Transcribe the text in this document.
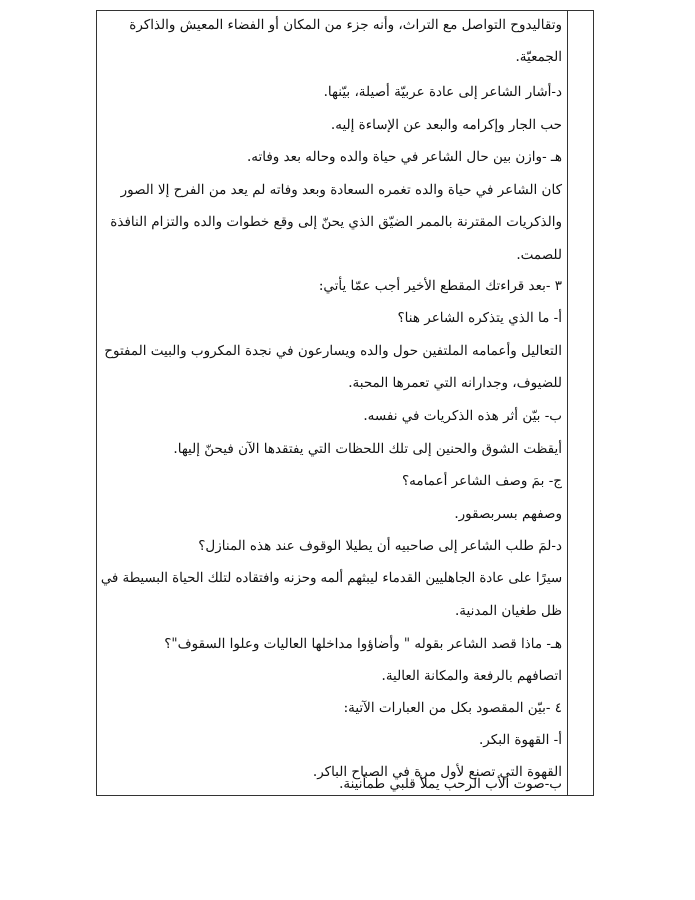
وتقاليدوح التواصل مع التراث، وأنه جزء من المكان أو الفضاء المعيش والذاكرة
الجمعيّة.
د-أشار الشاعر إلى عادة عربيّة أصيلة، بيّنها.
حب الجار وإكرامه والبعد عن الإساءة إليه.
هـ -وازن بين حال الشاعر في حياة والده وحاله بعد وفاته.
كان الشاعر في حياة والده تغمره السعادة وبعد وفاته لم يعد من الفرح إلا الصور
والذكريات المقترنة بالممر الضيّق الذي يحنّ إلى وقع خطوات والده والتزام النافذة
للصمت.
٣ -بعد قراءتك المقطع الأخير أجب عمّا يأتي:
أ- ما الذي يتذكره الشاعر هنا؟
التعاليل وأعمامه الملتفين حول والده ويسارعون في نجدة المكروب والبيت المفتوح
للضيوف، وجدارانه التي تعمرها المحبة.
ب- بيّن أثر هذه الذكريات في نفسه.
أيقظت الشوق والحنين إلى تلك اللحظات التي يفتقدها الآن فيحنّ إليها.
ج- بمَ وصف الشاعر أعمامه؟
وصفهم بسربصقور.
د-لمَ طلب الشاعر إلى صاحبيه أن يطيلا الوقوف عند هذه المنازل؟
سيرًا على عادة الجاهليين القدماء ليبثهم ألمه وحزنه وافتقاده لتلك الحياة البسيطة في
ظل طغيان المدنية.
هـ- ماذا قصد الشاعر بقوله " وأضاؤوا مداخلها العاليات وعلوا السقوف"؟
اتصافهم بالرفعة والمكانة العالية.
٤ -بيّن المقصود بكل من العبارات الآتية:
أ- القهوة البكر.
القهوة التي تصنع لأول مرة في الصباح الباكر.
ب-صوت الأب الرحب يملأ قلبي طمأنينة.
